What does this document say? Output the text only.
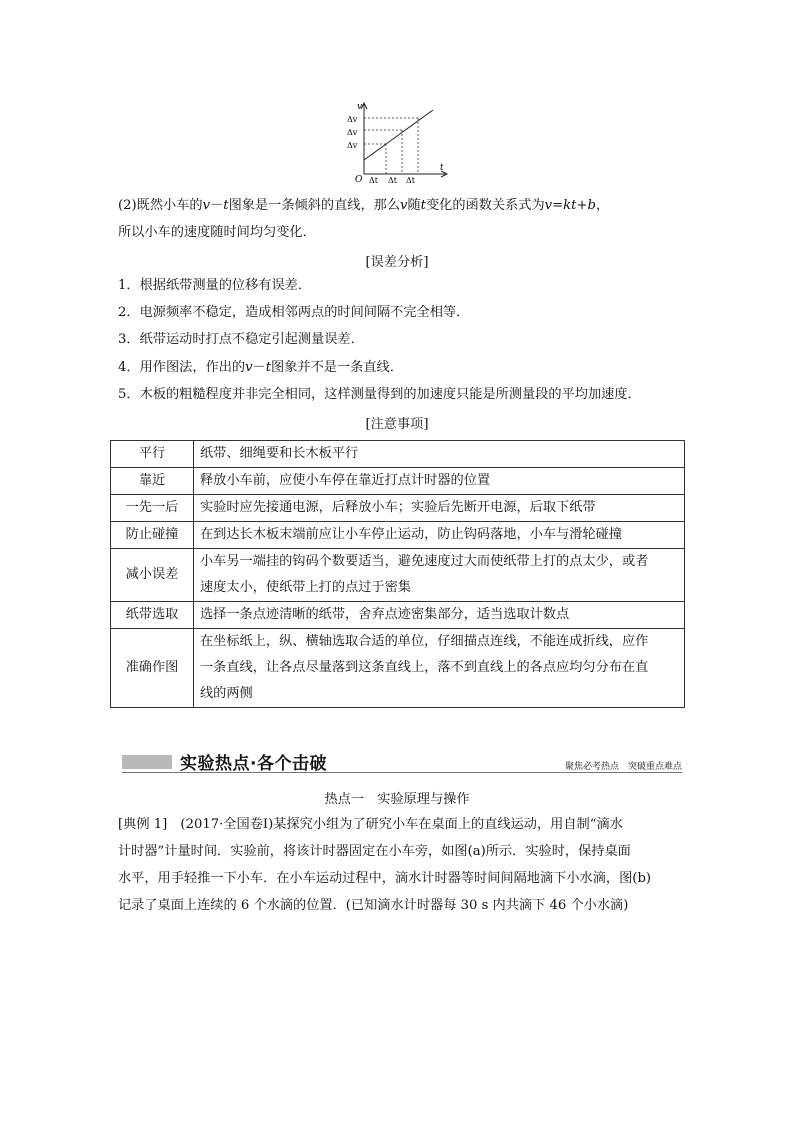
v
t
O
Δv
Δv
Δv
Δt Δt Δt
(2)既然小车的v－t图象是一条倾斜的直线，那么v随t变化的函数关系式为v=kt+b，
所以小车的速度随时间均匀变化．
[误差分析]
1．根据纸带测量的位移有误差．
2．电源频率不稳定，造成相邻两点的时间间隔不完全相等．
3．纸带运动时打点不稳定引起测量误差．
4．用作图法，作出的v－t图象并不是一条直线．
5．木板的粗糙程度并非完全相同，这样测量得到的加速度只能是所测量段的平均加速度．
[注意事项]
平行	纸带、细绳要和长木板平行
靠近	释放小车前，应使小车停在靠近打点计时器的位置
一先一后	实验时应先接通电源，后释放小车；实验后先断开电源，后取下纸带
防止碰撞	在到达长木板末端前应让小车停止运动，防止钩码落地，小车与滑轮碰撞
减小误差	小车另一端挂的钩码个数要适当，避免速度过大而使纸带上打的点太少，或者
速度太小，使纸带上打的点过于密集

纸带选取	选择一条点迹清晰的纸带，舍弃点迹密集部分，适当选取计数点
准确作图	在坐标纸上，纵、横轴选取合适的单位，仔细描点连线，不能连成折线，应作
一条直线，让各点尽量落到这条直线上，落不到直线上的各点应均匀分布在直
线的两侧
实验热点·各个击破	聚焦必考热点　突破重点难点
热点一　实验原理与操作
[典例 1]　(2017·全国卷Ⅰ)某探究小组为了研究小车在桌面上的直线运动，用自制“滴水
计时器”计量时间．实验前，将该计时器固定在小车旁，如图(a)所示．实验时，保持桌面
水平，用手轻推一下小车．在小车运动过程中，滴水计时器等时间间隔地滴下小水滴，图(b)
记录了桌面上连续的 6 个水滴的位置．(已知滴水计时器每 30 s 内共滴下 46 个小水滴)
